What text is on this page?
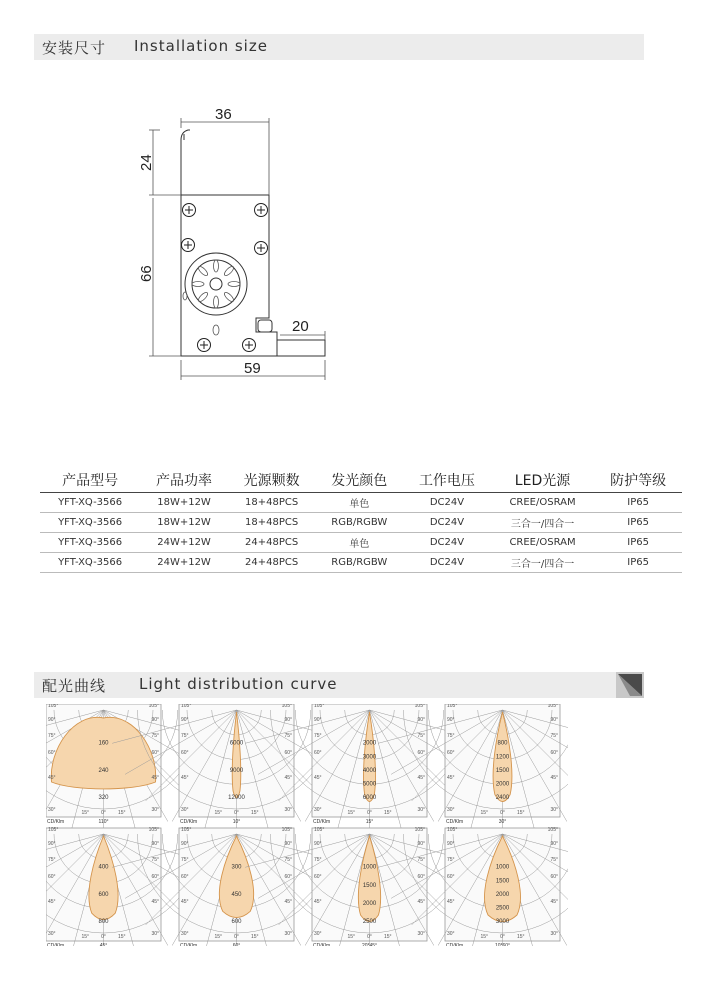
安装尺寸 Installation size
36
24
66
20
59
产品型号	产品功率	光源颗数	发光颜色	工作电压	LED光源	防护等级
YFT-XQ-3566	18W+12W	18+48PCS	单色	DC24V	CREE/OSRAM	IP65
YFT-XQ-3566	18W+12W	18+48PCS	RGB/RGBW	DC24V	三合一/四合一	IP65
YFT-XQ-3566	24W+12W	24+48PCS	单色	DC24V	CREE/OSRAM	IP65
YFT-XQ-3566	24W+12W	24+48PCS	RGB/RGBW	DC24V	三合一/四合一	IP65
配光曲线 Light distribution curve
160
240
320
105°	105°
90°	90°
75°	75°
60°	60°
45°	45°
30°	30°
15° 0° 15°
CD/Klm	110°
6000
9000
12000
105°	105°
90°	90°
75°	75°
60°	60°
45°	45°
30°	30°
15° 0° 15°
CD/Klm	10°
2000
3000
4000
5000
6000
105°	105°
90°	90°
75°	75°
60°	60°
45°	45°
30°	30°
15° 0° 15°
CD/Klm	15°
800
1200
1500
2000
2400
105°	105°
90°	90°
75°	75°
60°	60°
45°	45°
30°	30°
15° 0° 15°
CD/Klm	30°
400
600
800
105°	105°
90°	90°
75°	75°
60°	60°
45°	45°
30°	30°
15° 0° 15°
CD/Klm	45°
300
450
600
105°	105°
90°	90°
75°	75°
60°	60°
45°	45°
30°	30°
15° 0° 15°
CD/Klm	60°
1000
1500
2000
2500
105°	105°
90°	90°
75°	75°
60°	60°
45°	45°
30°	30°
15° 0° 15°
CD/Klm	20*45°
1000
1500
2000
2500
3000
105°	105°
90°	90°
75°	75°
60°	60°
45°	45°
30°	30°
15° 0° 15°
CD/Klm	10*60°
